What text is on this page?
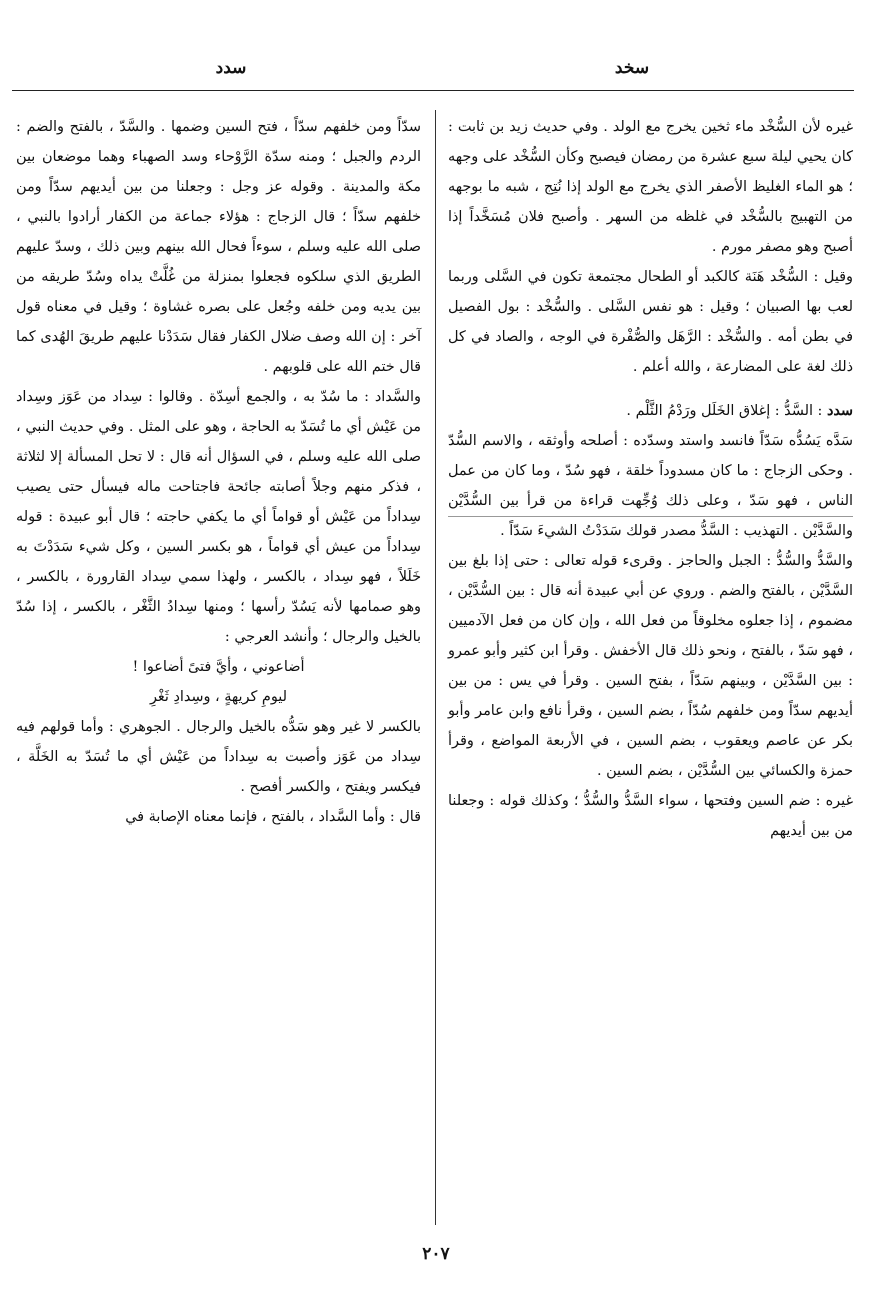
سخد
سدد

غيره لأن السُّخْد ماء ثخين يخرج مع الولد . وفي حديث زيد بن ثابت : كان يحيي ليلة سبع عشرة من رمضان فيصبح وكأن السُّخْد على وجهه ؛ هو الماء الغليظ الأصفر الذي يخرج مع الولد إذا نُتِج ، شبه ما بوجهه من التهبيج بالسُّخْد في غلظه من السهر . وأصبح فلان مُسَخَّداً إذا أصبح وهو مصفر مورم .

وقيل : السُّخْد هَنَة كالكبد أو الطحال مجتمعة تكون في السَّلى وربما لعب بها الصبيان ؛ وقيل : هو نفس السَّلى . والسُّخْد : بول الفصيل في بطن أمه . والسُّخْد : الرَّهَل والصُّفْرة في الوجه ، والصاد في كل ذلك لغة على المضارعة ، والله أعلم .

سدد : السَّدُّ : إغلاق الخَلَل ورَدْمُ الثَّلْم .

سَدَّه يَسُدُّه سَدّاً فانسد واستد وسدّده : أصلحه وأوثقه ، والاسم السُّدّ . وحكى الزجاج : ما كان مسدوداً خلقة ، فهو سُدّ ، وما كان من عمل الناس ، فهو سَدّ ، وعلى ذلك وُجِّهت قراءة من قرأ بين السُّدَّيْن والسَّدَّيْن . التهذيب : السَّدُّ مصدر قولك سَدَدْتُ الشيءَ سَدّاً .

والسَّدُّ والسُّدُّ : الجبل والحاجز . وقرىء قوله تعالى : حتى إذا بلغ بين السَّدَّيْن ، بالفتح والضم . وروي عن أبي عبيدة أنه قال : بين السُّدَّيْن ، مضموم ، إذا جعلوه مخلوقاً من فعل الله ، وإن كان من فعل الآدميين ، فهو سَدّ ، بالفتح ، ونحو ذلك قال الأخفش . وقرأ ابن كثير وأبو عمرو : بين السَّدَّيْن ، وبينهم سَدّاً ، بفتح السين . وقرأ في يس : من بين أيديهم سدّاً ومن خلفهم سُدّاً ، بضم السين ، وقرأ نافع وابن عامر وأبو بكر عن عاصم ويعقوب ، بضم السين ، في الأربعة المواضع ، وقرأ حمزة والكسائي بين السُّدَّيْن ، بضم السين .

غيره : ضم السين وفتحها ، سواء السَّدُّ والسُّدُّ ؛ وكذلك قوله : وجعلنا من بين أيديهم

سدّاً ومن خلفهم سدّاً ، فتح السين وضمها . والسَّدّ ، بالفتح والضم : الردم والجبل ؛ ومنه سدّة الرَّوْحاء وسد الصهباء وهما موضعان بين مكة والمدينة . وقوله عز وجل : وجعلنا من بين أيديهم سدّاً ومن خلفهم سدّاً ؛ قال الزجاج : هؤلاء جماعة من الكفار أرادوا بالنبي ، صلى الله عليه وسلم ، سوءاً فحال الله بينهم وبين ذلك ، وسدّ عليهم الطريق الذي سلكوه فجعلوا بمنزلة من غُلَّتْ يداه وسُدّ طريقه من بين يديه ومن خلفه وجُعل على بصره غشاوة ؛ وقيل في معناه قول آخر : إن الله وصف ضلال الكفار فقال سَدَدْنا عليهم طريقَ الهُدى كما قال ختم الله على قلوبهم .

والسَّداد : ما سُدّ به ، والجمع أسِدّة . وقالوا : سِداد من عَوَز وسِداد من عَيْش أي ما تُسَدّ به الحاجة ، وهو على المثل . وفي حديث النبي ، صلى الله عليه وسلم ، في السؤال أنه قال : لا تحل المسألة إلا لثلاثة ، فذكر منهم وجلاً أصابته جائحة فاجتاحت ماله فيسأل حتى يصيب سِداداً من عَيْش أو قواماً أي ما يكفي حاجته ؛ قال أبو عبيدة : قوله سِداداً من عيش أي قواماً ، هو بكسر السين ، وكل شيء سَدَدْتَ به خَلَلاً ، فهو سِداد ، بالكسر ، ولهذا سمي سِداد القارورة ، بالكسر ، وهو صمامها لأنه يَسُدّ رأسها ؛ ومنها سِدادُ الثَّغْر ، بالكسر ، إذا سُدّ بالخيل والرجال ؛ وأنشد العرجي :

أضاعوني ، وأيَّ فتىً أضاعوا !

ليومِ كريهةٍ ، وسِدادِ ثَغْرِ

بالكسر لا غير وهو سَدُّه بالخيل والرجال . الجوهري : وأما قولهم فيه سِداد من عَوَز وأصبت به سِداداً من عَيْش أي ما تُسَدّ به الخَلَّة ، فيكسر ويفتح ، والكسر أفصح .

قال : وأما السَّداد ، بالفتح ، فإنما معناه الإصابة في

٢٠٧
